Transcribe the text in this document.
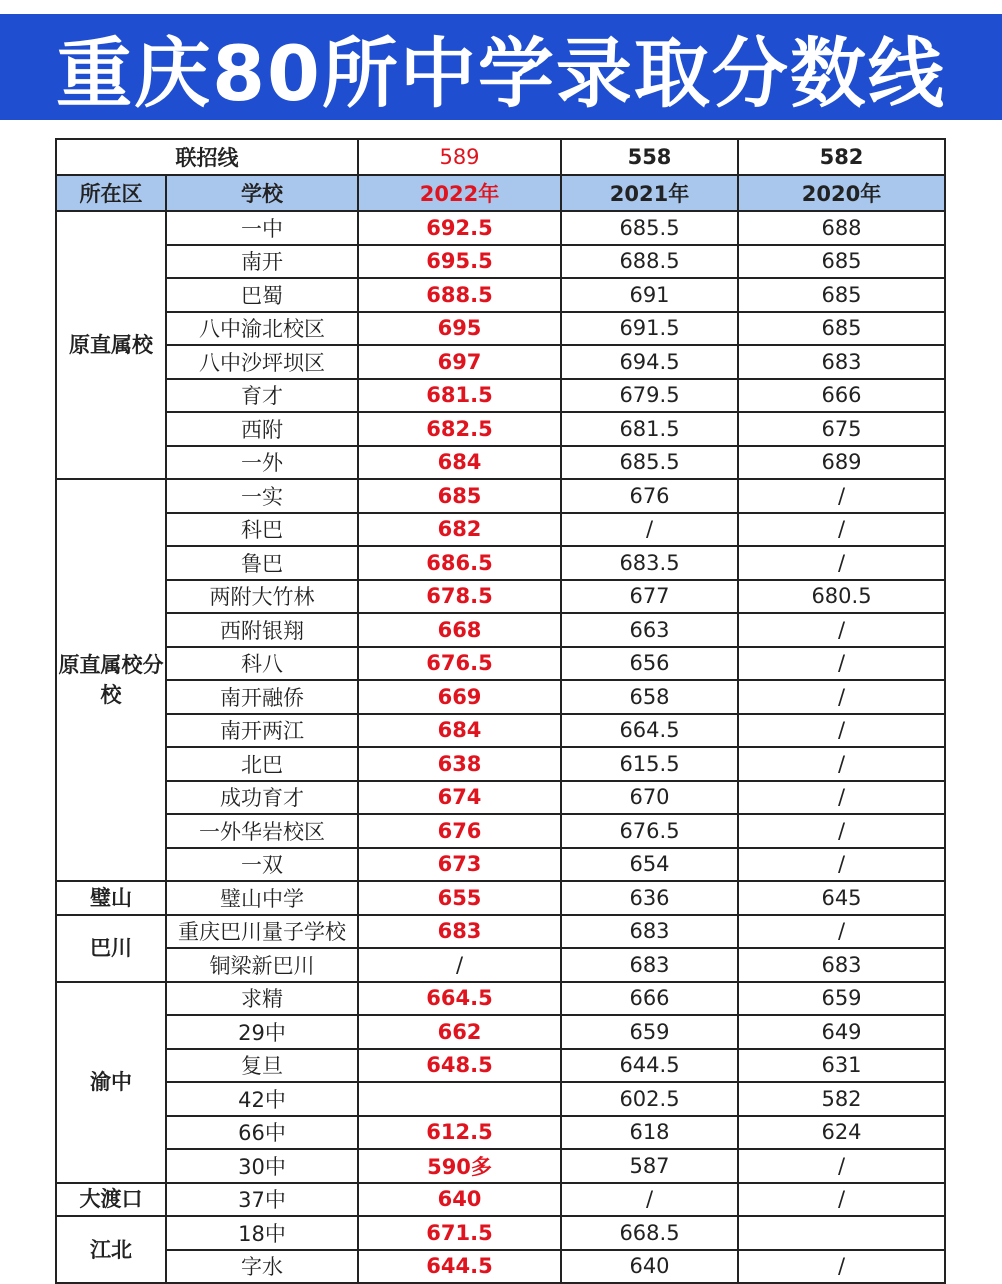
重庆80所中学录取分数线
联招线		589	558	582
所在区	学校	2022年	2021年	2020年
原直属校	一中	692.5	685.5	688
	南开	695.5	688.5	685
	巴蜀	688.5	691	685
	八中渝北校区	695	691.5	685
	八中沙坪坝区	697	694.5	683
	育才	681.5	679.5	666
	西附	682.5	681.5	675
	一外	684	685.5	689
原直属校分校	一实	685	676	/
	科巴	682	/	/
	鲁巴	686.5	683.5	/
	两附大竹林	678.5	677	680.5
	西附银翔	668	663	/
	科八	676.5	656	/
	南开融侨	669	658	/
	南开两江	684	664.5	/
	北巴	638	615.5	/
	成功育才	674	670	/
	一外华岩校区	676	676.5	/
	一双	673	654	/
璧山	璧山中学	655	636	645
巴川	重庆巴川量子学校	683	683	/
	铜梁新巴川	/	683	683
渝中	求精	664.5	666	659
	29中	662	659	649
	复旦	648.5	644.5	631
	42中		602.5	582
	66中	612.5	618	624
	30中	590多	587	/
大渡口	37中	640	/	/
江北	18中	671.5	668.5	
	字水	644.5	640	/
